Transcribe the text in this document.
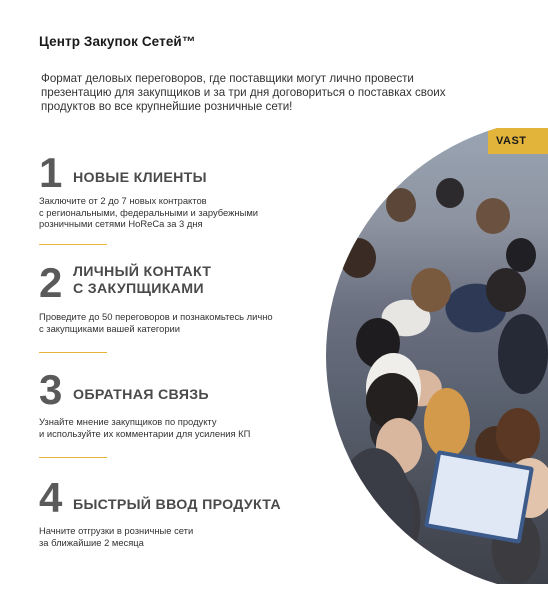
Центр Закупок Сетей™
Формат деловых переговоров, где поставщики могут лично провести
презентацию для закупщиков и за три дня договориться о поставках своих
продуктов во все крупнейшие розничные сети!
1 НОВЫЕ КЛИЕНТЫ
Заключите от 2 до 7 новых контрактов
с региональными, федеральными и зарубежными
розничными сетями HoReCa за 3 дня
2 ЛИЧНЫЙ КОНТАКТ
С ЗАКУПЩИКАМИ
Проведите до 50 переговоров и познакомьтесь лично
с закупщиками вашей категории
3 ОБРАТНАЯ СВЯЗЬ
Узнайте мнение закупщиков по продукту
и используйте их комментарии для усиления КП
4 БЫСТРЫЙ ВВОД ПРОДУКТА
Начните отгрузки в розничные сети
за ближайшие 2 месяца
VAST
